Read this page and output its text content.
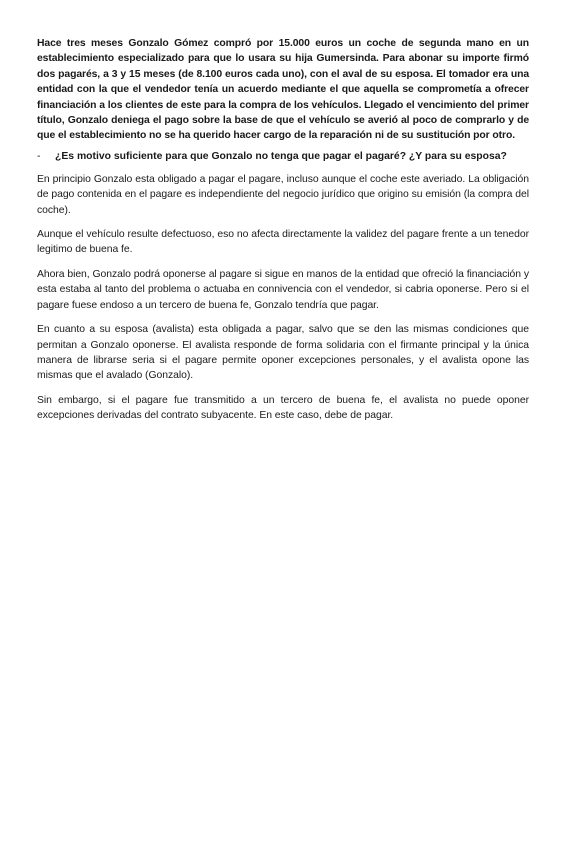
Hace tres meses Gonzalo Gómez compró por 15.000 euros un coche de segunda mano en un establecimiento especializado para que lo usara su hija Gumersinda. Para abonar su importe firmó dos pagarés, a 3 y 15 meses (de 8.100 euros cada uno), con el aval de su esposa. El tomador era una entidad con la que el vendedor tenía un acuerdo mediante el que aquella se comprometía a ofrecer financiación a los clientes de este para la compra de los vehículos. Llegado el vencimiento del primer título, Gonzalo deniega el pago sobre la base de que el vehículo se averió al poco de comprarlo y de que el establecimiento no se ha querido hacer cargo de la reparación ni de su sustitución por otro.

-	¿Es motivo suficiente para que Gonzalo no tenga que pagar el pagaré? ¿Y para su esposa?

En principio Gonzalo esta obligado a pagar el pagare, incluso aunque el coche este averiado. La obligación de pago contenida en el pagare es independiente del negocio jurídico que origino su emisión (la compra del coche).

Aunque el vehículo resulte defectuoso, eso no afecta directamente la validez del pagare frente a un tenedor legitimo de buena fe.

Ahora bien, Gonzalo podrá oponerse al pagare si sigue en manos de la entidad que ofreció la financiación y esta estaba al tanto del problema o actuaba en connivencia con el vendedor, si cabria oponerse. Pero si el pagare fuese endoso a un tercero de buena fe, Gonzalo tendría que pagar.

En cuanto a su esposa (avalista) esta obligada a pagar, salvo que se den las mismas condiciones que permitan a Gonzalo oponerse. El avalista responde de forma solidaria con el firmante principal y la única manera de librarse seria si el pagare permite oponer excepciones personales, y el avalista opone las mismas que el avalado (Gonzalo).

Sin embargo, si el pagare fue transmitido a un tercero de buena fe, el avalista no puede oponer excepciones derivadas del contrato subyacente. En este caso, debe de pagar.
